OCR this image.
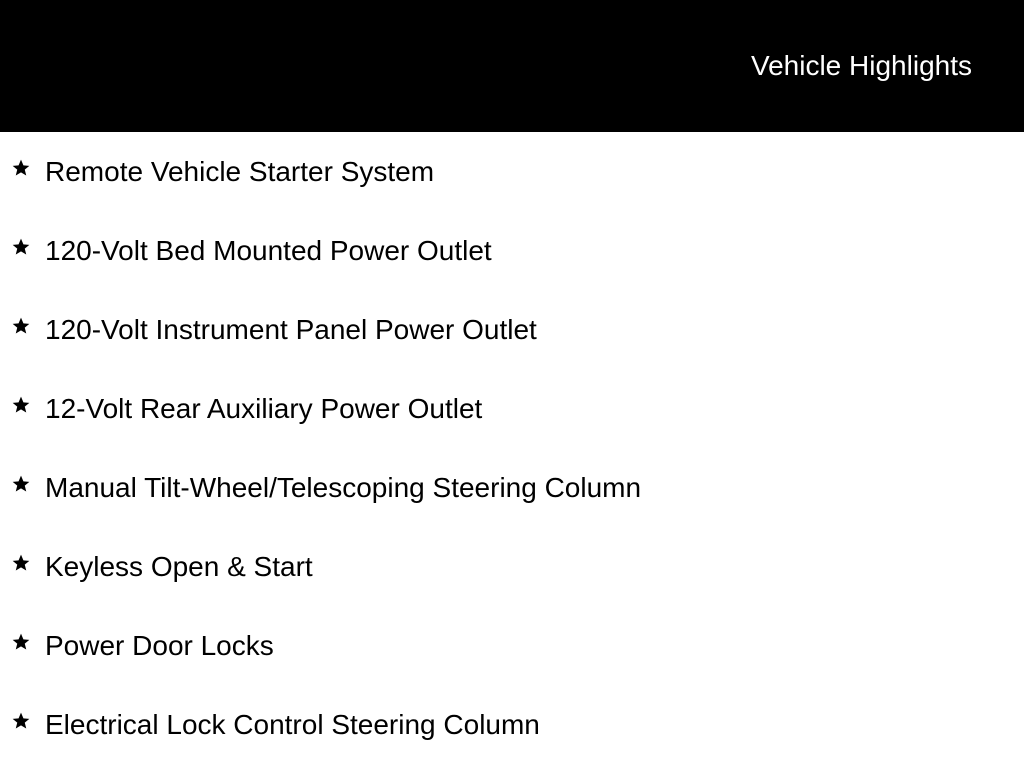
Vehicle Highlights
Remote Vehicle Starter System
120-Volt Bed Mounted Power Outlet
120-Volt Instrument Panel Power Outlet
12-Volt Rear Auxiliary Power Outlet
Manual Tilt-Wheel/Telescoping Steering Column
Keyless Open & Start
Power Door Locks
Electrical Lock Control Steering Column
